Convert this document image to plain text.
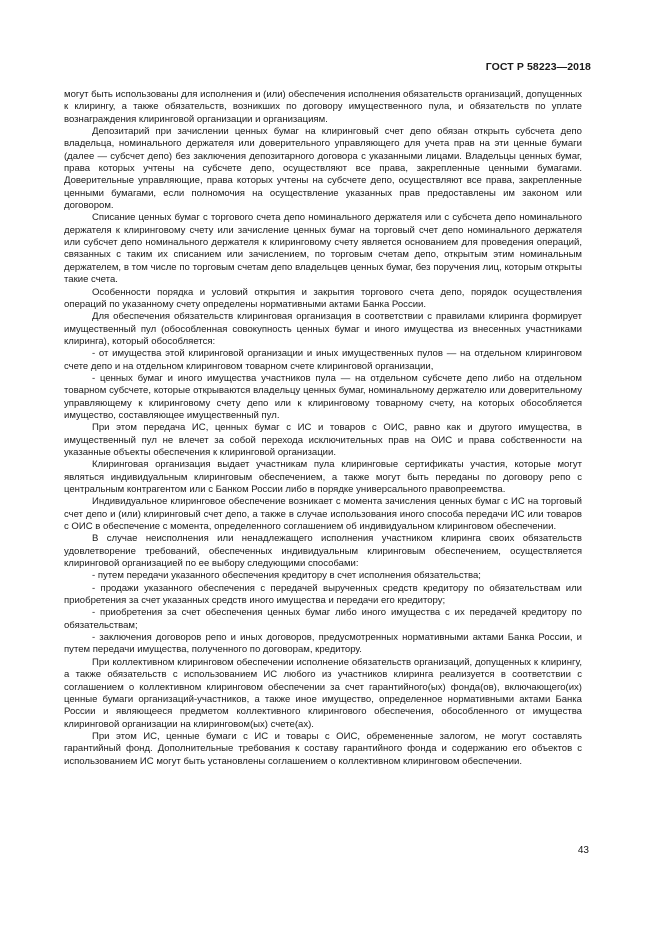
ГОСТ Р 58223—2018

могут быть использованы для исполнения и (или) обеспечения исполнения обязательств организаций, допущенных к клирингу, а также обязательств, возникших по договору имущественного пула, и обязательств по уплате вознаграждения клиринговой организации и организациям.

Депозитарий при зачислении ценных бумаг на клиринговый счет депо обязан открыть субсчета депо владельца, номинального держателя или доверительного управляющего для учета прав на эти ценные бумаги (далее — субсчет депо) без заключения депозитарного договора с указанными лицами. Владельцы ценных бумаг, права которых учтены на субсчете депо, осуществляют все права, закрепленные ценными бумагами. Доверительные управляющие, права которых учтены на субсчете депо, осуществляют все права, закрепленные ценными бумагами, если полномочия на осуществление указанных прав предоставлены им законом или договором.

Списание ценных бумаг с торгового счета депо номинального держателя или с субсчета депо номинального держателя к клиринговому счету или зачисление ценных бумаг на торговый счет депо номинального держателя или субсчет депо номинального держателя к клиринговому счету является основанием для проведения операций, связанных с таким их списанием или зачислением, по торговым счетам депо, открытым этим номинальным держателем, в том числе по торговым счетам депо владельцев ценных бумаг, без поручения лиц, которым открыты такие счета.

Особенности порядка и условий открытия и закрытия торгового счета депо, порядок осуществления операций по указанному счету определены нормативными актами Банка России.

Для обеспечения обязательств клиринговая организация в соответствии с правилами клиринга формирует имущественный пул (обособленная совокупность ценных бумаг и иного имущества из внесенных участниками клиринга), который обособляется:

- от имущества этой клиринговой организации и иных имущественных пулов — на отдельном клиринговом счете депо и на отдельном клиринговом товарном счете клиринговой организации,

- ценных бумаг и иного имущества участников пула — на отдельном субсчете депо либо на отдельном товарном субсчете, которые открываются владельцу ценных бумаг, номинальному держателю или доверительному управляющему к клиринговому счету депо или к клиринговому товарному счету, на которых обособляется имущество, составляющее имущественный пул.

При этом передача ИС, ценных бумаг с ИС и товаров с ОИС, равно как и другого имущества, в имущественный пул не влечет за собой перехода исключительных прав на ОИС и права собственности на указанные объекты обеспечения к клиринговой организации.

Клиринговая организация выдает участникам пула клиринговые сертификаты участия, которые могут являться индивидуальным клиринговым обеспечением, а также могут быть переданы по договору репо с центральным контрагентом или с Банком России либо в порядке универсального правопреемства.

Индивидуальное клиринговое обеспечение возникает с момента зачисления ценных бумаг с ИС на торговый счет депо и (или) клиринговый счет депо, а также в случае использования иного способа передачи ИС или товаров с ОИС в обеспечение с момента, определенного соглашением об индивидуальном клиринговом обеспечении.

В случае неисполнения или ненадлежащего исполнения участником клиринга своих обязательств удовлетворение требований, обеспеченных индивидуальным клиринговым обеспечением, осуществляется клиринговой организацией по ее выбору следующими способами:

- путем передачи указанного обеспечения кредитору в счет исполнения обязательства;

- продажи указанного обеспечения с передачей вырученных средств кредитору по обязательствам или приобретения за счет указанных средств иного имущества и передачи его кредитору;

- приобретения за счет обеспечения ценных бумаг либо иного имущества с их передачей кредитору по обязательствам;

- заключения договоров репо и иных договоров, предусмотренных нормативными актами Банка России, и путем передачи имущества, полученного по договорам, кредитору.

При коллективном клиринговом обеспечении исполнение обязательств организаций, допущенных к клирингу, а также обязательств с использованием ИС любого из участников клиринга реализуется в соответствии с соглашением о коллективном клиринговом обеспечении за счет гарантийного(ых) фонда(ов), включающего(их) ценные бумаги организаций-участников, а также иное имущество, определенное нормативными актами Банка России и являющееся предметом коллективного клирингового обеспечения, обособленного от имущества клиринговой организации на клиринговом(ых) счете(ах).

При этом ИС, ценные бумаги с ИС и товары с ОИС, обремененные залогом, не могут составлять гарантийный фонд. Дополнительные требования к составу гарантийного фонда и содержанию его объектов с использованием ИС могут быть установлены соглашением о коллективном клиринговом обеспечении.

43
